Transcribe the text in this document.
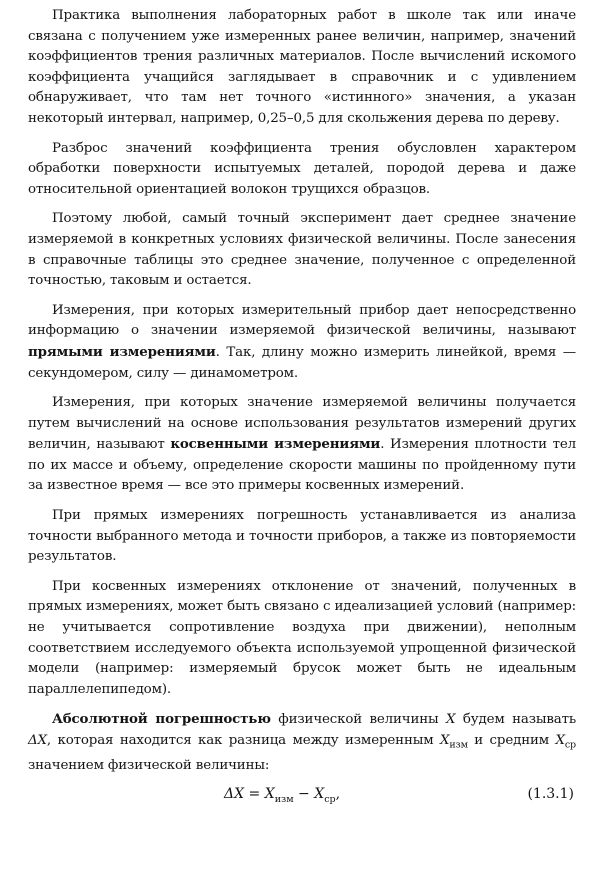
Практика выполнения лабораторных работ в школе так или иначе связана с получением уже измеренных ранее величин, например, значений коэффициентов трения различных материалов. После вычислений искомого коэффициента учащийся заглядывает в справочник и с удивлением обнаруживает, что там нет точного «истинного» значения, а указан некоторый интервал, например, 0,25–0,5 для скольжения дерева по дереву.

Разброс значений коэффициента трения обусловлен характером обработки поверхности испытуемых деталей, породой дерева и даже относительной ориентацией волокон трущихся образцов.

Поэтому любой, самый точный эксперимент дает среднее значение измеряемой в конкретных условиях физической величины. После занесения в справочные таблицы это среднее значение, полученное с определенной точностью, таковым и остается.

Измерения, при которых измерительный прибор дает непосредственно информацию о значении измеряемой физической величины, называют прямыми измерениями. Так, длину можно измерить линейкой, время — секундомером, силу — динамометром.

Измерения, при которых значение измеряемой величины получается путем вычислений на основе использования результатов измерений других величин, называют косвенными измерениями. Измерения плотности тел по их массе и объему, определение скорости машины по пройденному пути за известное время — все это примеры косвенных измерений.

При прямых измерениях погрешность устанавливается из анализа точности выбранного метода и точности приборов, а также из повторяемости результатов.

При косвенных измерениях отклонение от значений, полученных в прямых измерениях, может быть связано с идеализацией условий (например: не учитывается сопротивление воздуха при движении), неполным соответствием исследуемого объекта используемой упрощенной физической модели (например: измеряемый брусок может быть не идеальным параллелепипедом).

Абсолютной погрешностью физической величины X будем называть ΔX, которая находится как разница между измеренным $X_{изм}$ и средним $X_{ср}$ значением физической величины:

$\Delta X = X_{изм} - X_{ср}$,	(1.3.1)
